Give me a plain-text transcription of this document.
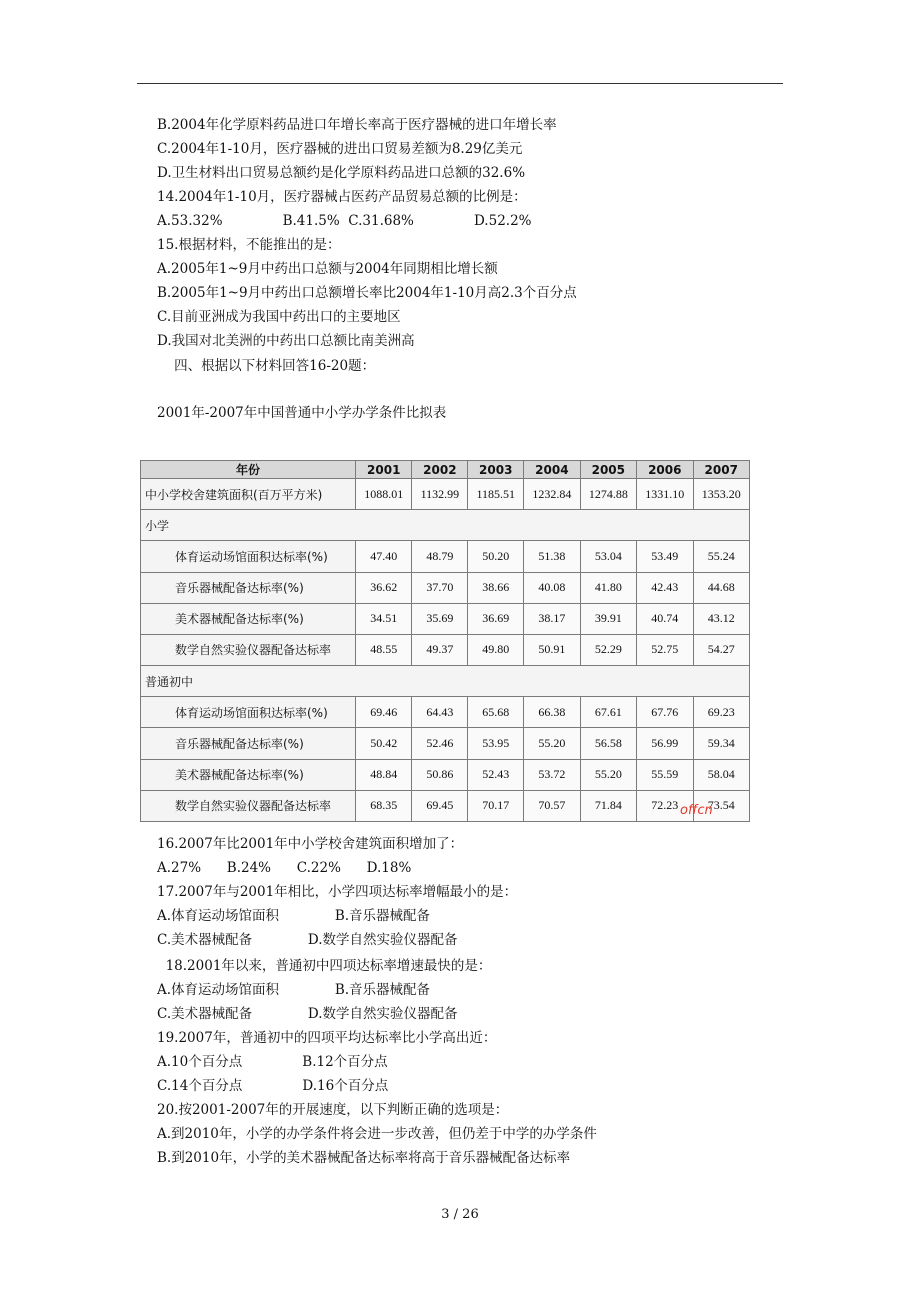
B.2004年化学原料药品进口年增长率高于医疗器械的进口年增长率
C.2004年1-10月，医疗器械的进出口贸易差额为8.29亿美元
D.卫生材料出口贸易总额约是化学原料药品进口总额的32.6%
14.2004年1-10月，医疗器械占医药产品贸易总额的比例是：
A.53.32%              B.41.5%  C.31.68%              D.52.2%
15.根据材料，不能推出的是：
A.2005年1~9月中药出口总额与2004年同期相比增长额
B.2005年1~9月中药出口总额增长率比2004年1-10月高2.3个百分点
C.目前亚洲成为我国中药出口的主要地区
D.我国对北美洲的中药出口总额比南美洲高
四、根据以下材料回答16-20题：
2001年-2007年中国普通中小学办学条件比拟表
年份	2001	2002	2003	2004	2005	2006	2007
中小学校舍建筑面积(百万平方米)	1088.01	1132.99	1185.51	1232.84	1274.88	1331.10	1353.20
小学							
体育运动场馆面积达标率(%)	47.40	48.79	50.20	51.38	53.04	53.49	55.24
音乐器械配备达标率(%)	36.62	37.70	38.66	40.08	41.80	42.43	44.68
美术器械配备达标率(%)	34.51	35.69	36.69	38.17	39.91	40.74	43.12
数学自然实验仪器配备达标率	48.55	49.37	49.80	50.91	52.29	52.75	54.27
普通初中							
体育运动场馆面积达标率(%)	69.46	64.43	65.68	66.38	67.61	67.76	69.23
音乐器械配备达标率(%)	50.42	52.46	53.95	55.20	56.58	56.99	59.34
美术器械配备达标率(%)	48.84	50.86	52.43	53.72	55.20	55.59	58.04
数学自然实验仪器配备达标率	68.35	69.45	70.17	70.57	71.84	72.23	73.54
offcn
16.2007年比2001年中小学校舍建筑面积增加了：
A.27%      B.24%      C.22%      D.18%
17.2007年与2001年相比，小学四项达标率增幅最小的是：
A.体育运动场馆面积             B.音乐器械配备
C.美术器械配备             D.数学自然实验仪器配备
18.2001年以来，普通初中四项达标率增速最快的是：
A.体育运动场馆面积             B.音乐器械配备
C.美术器械配备             D.数学自然实验仪器配备
19.2007年，普通初中的四项平均达标率比小学高出近：
A.10个百分点              B.12个百分点
C.14个百分点              D.16个百分点
20.按2001-2007年的开展速度，以下判断正确的选项是：
A.到2010年，小学的办学条件将会进一步改善，但仍差于中学的办学条件
B.到2010年，小学的美术器械配备达标率将高于音乐器械配备达标率
3 / 26
